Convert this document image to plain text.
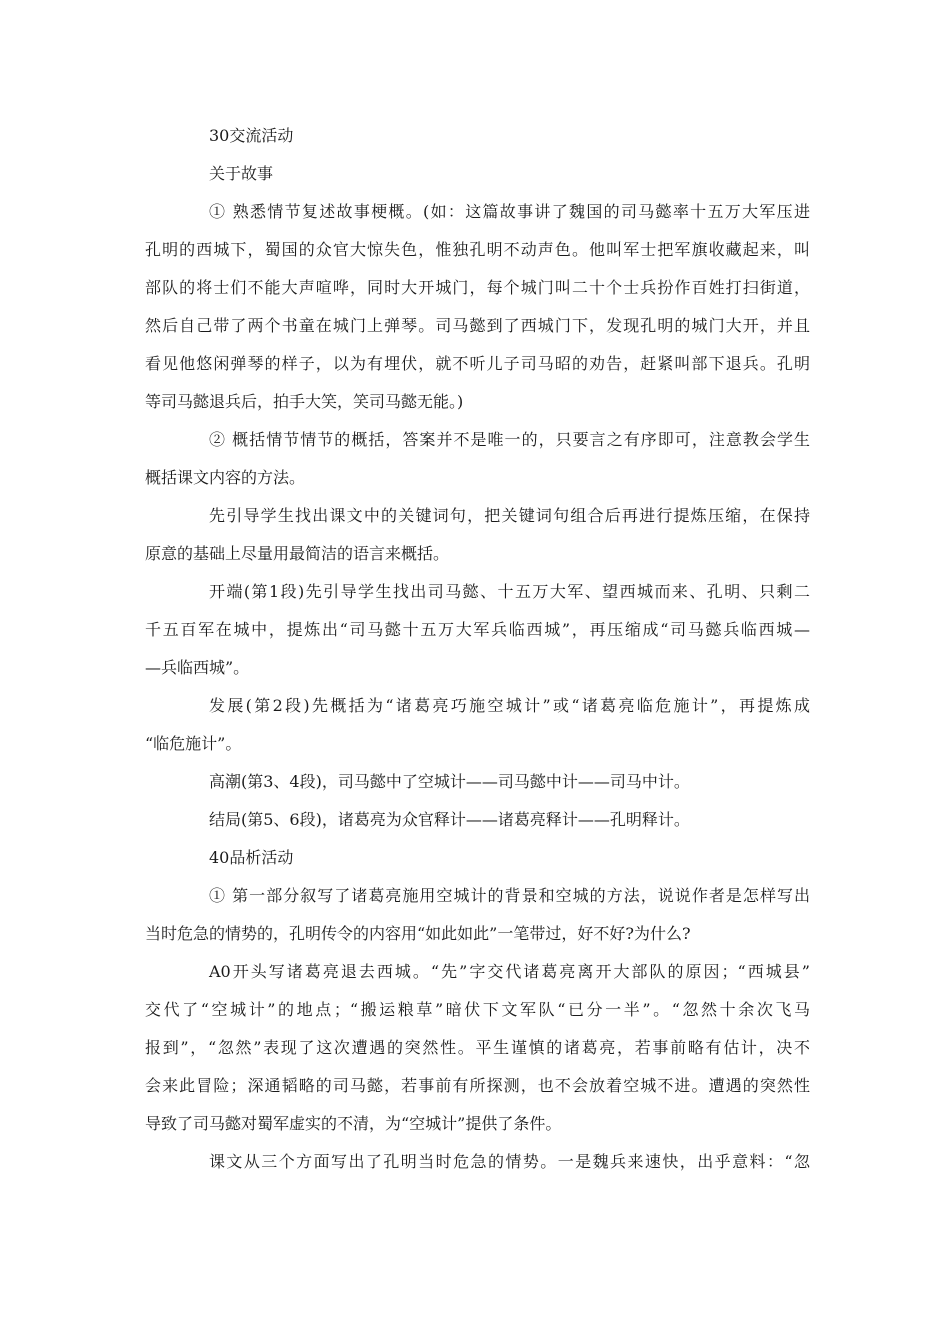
30交流活动
关于故事
① 熟悉情节复述故事梗概。(如：这篇故事讲了魏国的司马懿率十五万大军压进
孔明的西城下，蜀国的众官大惊失色，惟独孔明不动声色。他叫军士把军旗收藏起来，叫
部队的将士们不能大声喧哗，同时大开城门，每个城门叫二十个士兵扮作百姓打扫街道，
然后自己带了两个书童在城门上弹琴。司马懿到了西城门下，发现孔明的城门大开，并且
看见他悠闲弹琴的样子，以为有埋伏，就不听儿子司马昭的劝告，赶紧叫部下退兵。孔明
等司马懿退兵后，拍手大笑，笑司马懿无能。)
② 概括情节情节的概括，答案并不是唯一的，只要言之有序即可，注意教会学生
概括课文内容的方法。
先引导学生找出课文中的关键词句，把关键词句组合后再进行提炼压缩，在保持
原意的基础上尽量用最简洁的语言来概括。
开端(第1段)先引导学生找出司马懿、十五万大军、望西城而来、孔明、只剩二
千五百军在城中，提炼出“司马懿十五万大军兵临西城”，再压缩成“司马懿兵临西城—
—兵临西城”。
发展(第2段)先概括为“诸葛亮巧施空城计”或“诸葛亮临危施计”，再提炼成
“临危施计”。
高潮(第3、4段)，司马懿中了空城计——司马懿中计——司马中计。
结局(第5、6段)，诸葛亮为众官释计——诸葛亮释计——孔明释计。
40品析活动
① 第一部分叙写了诸葛亮施用空城计的背景和空城的方法，说说作者是怎样写出
当时危急的情势的，孔明传令的内容用“如此如此”一笔带过，好不好?为什么?
A0开头写诸葛亮退去西城。“先”字交代诸葛亮离开大部队的原因；“西城县”
交代了“空城计”的地点；“搬运粮草”暗伏下文军队“已分一半”。“忽然十余次飞马
报到”，“忽然”表现了这次遭遇的突然性。平生谨慎的诸葛亮，若事前略有估计，决不
会来此冒险；深通韬略的司马懿，若事前有所探测，也不会放着空城不进。遭遇的突然性
导致了司马懿对蜀军虚实的不清，为“空城计”提供了条件。
课文从三个方面写出了孔明当时危急的情势。一是魏兵来速快，出乎意料：“忽
